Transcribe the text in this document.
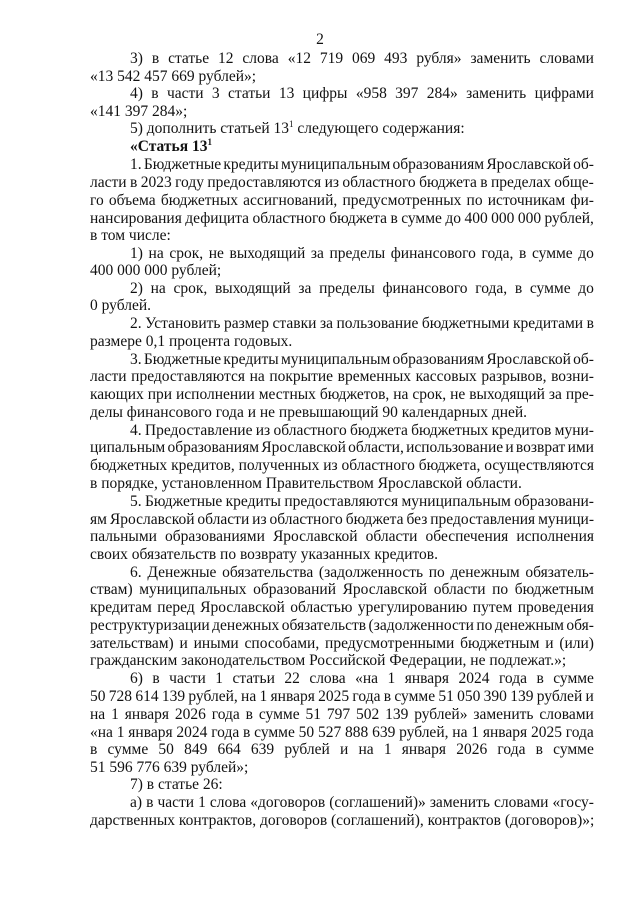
2
3) в статье 12 слова «12 719 069 493 рубля» заменить словами
«13 542 457 669 рублей»;
4) в части 3 статьи 13 цифры «958 397 284» заменить цифрами
«141 397 284»;
5) дополнить статьей $13^1$ следующего содержания:
«Статья $13^1$
1. Бюджетные кредиты муниципальным образованиям Ярославской об-
ласти в 2023 году предоставляются из областного бюджета в пределах обще-
го объема бюджетных ассигнований, предусмотренных по источникам фи-
нансирования дефицита областного бюджета в сумме до 400 000 000 рублей,
в том числе:
1) на срок, не выходящий за пределы финансового года, в сумме до
400 000 000 рублей;
2) на срок, выходящий за пределы финансового года, в сумме до
0 рублей.
2. Установить размер ставки за пользование бюджетными кредитами в
размере 0,1 процента годовых.
3. Бюджетные кредиты муниципальным образованиям Ярославской об-
ласти предоставляются на покрытие временных кассовых разрывов, возни-
кающих при исполнении местных бюджетов, на срок, не выходящий за пре-
делы финансового года и не превышающий 90 календарных дней.
4. Предоставление из областного бюджета бюджетных кредитов муни-
ципальным образованиям Ярославской области, использование и возврат ими
бюджетных кредитов, полученных из областного бюджета, осуществляются
в порядке, установленном Правительством Ярославской области.
5. Бюджетные кредиты предоставляются муниципальным образовани-
ям Ярославской области из областного бюджета без предоставления муници-
пальными образованиями Ярославской области обеспечения исполнения
своих обязательств по возврату указанных кредитов.
6. Денежные обязательства (задолженность по денежным обязатель-
ствам) муниципальных образований Ярославской области по бюджетным
кредитам перед Ярославской областью урегулированию путем проведения
реструктуризации денежных обязательств (задолженности по денежным обя-
зательствам) и иными способами, предусмотренными бюджетным и (или)
гражданским законодательством Российской Федерации, не подлежат.»;
6) в части 1 статьи 22 слова «на 1 января 2024 года в сумме
50 728 614 139 рублей, на 1 января 2025 года в сумме 51 050 390 139 рублей и
на 1 января 2026 года в сумме 51 797 502 139 рублей» заменить словами
«на 1 января 2024 года в сумме 50 527 888 639 рублей, на 1 января 2025 года
в сумме 50 849 664 639 рублей и на 1 января 2026 года в сумме
51 596 776 639 рублей»;
7) в статье 26:
а) в части 1 слова «договоров (соглашений)» заменить словами «госу-
дарственных контрактов, договоров (соглашений), контрактов (договоров)»;
